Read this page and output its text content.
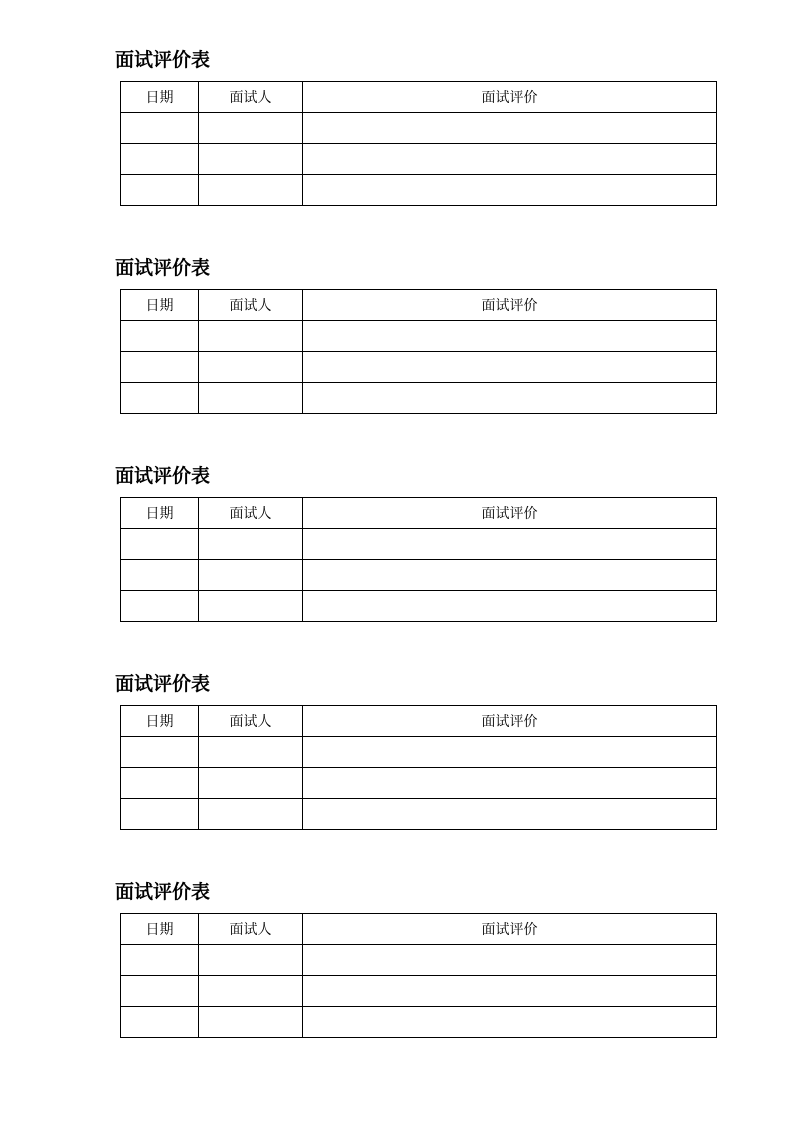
面试评价表
日期	面试人	面试评价

面试评价表
日期	面试人	面试评价

面试评价表
日期	面试人	面试评价

面试评价表
日期	面试人	面试评价

面试评价表
日期	面试人	面试评价
